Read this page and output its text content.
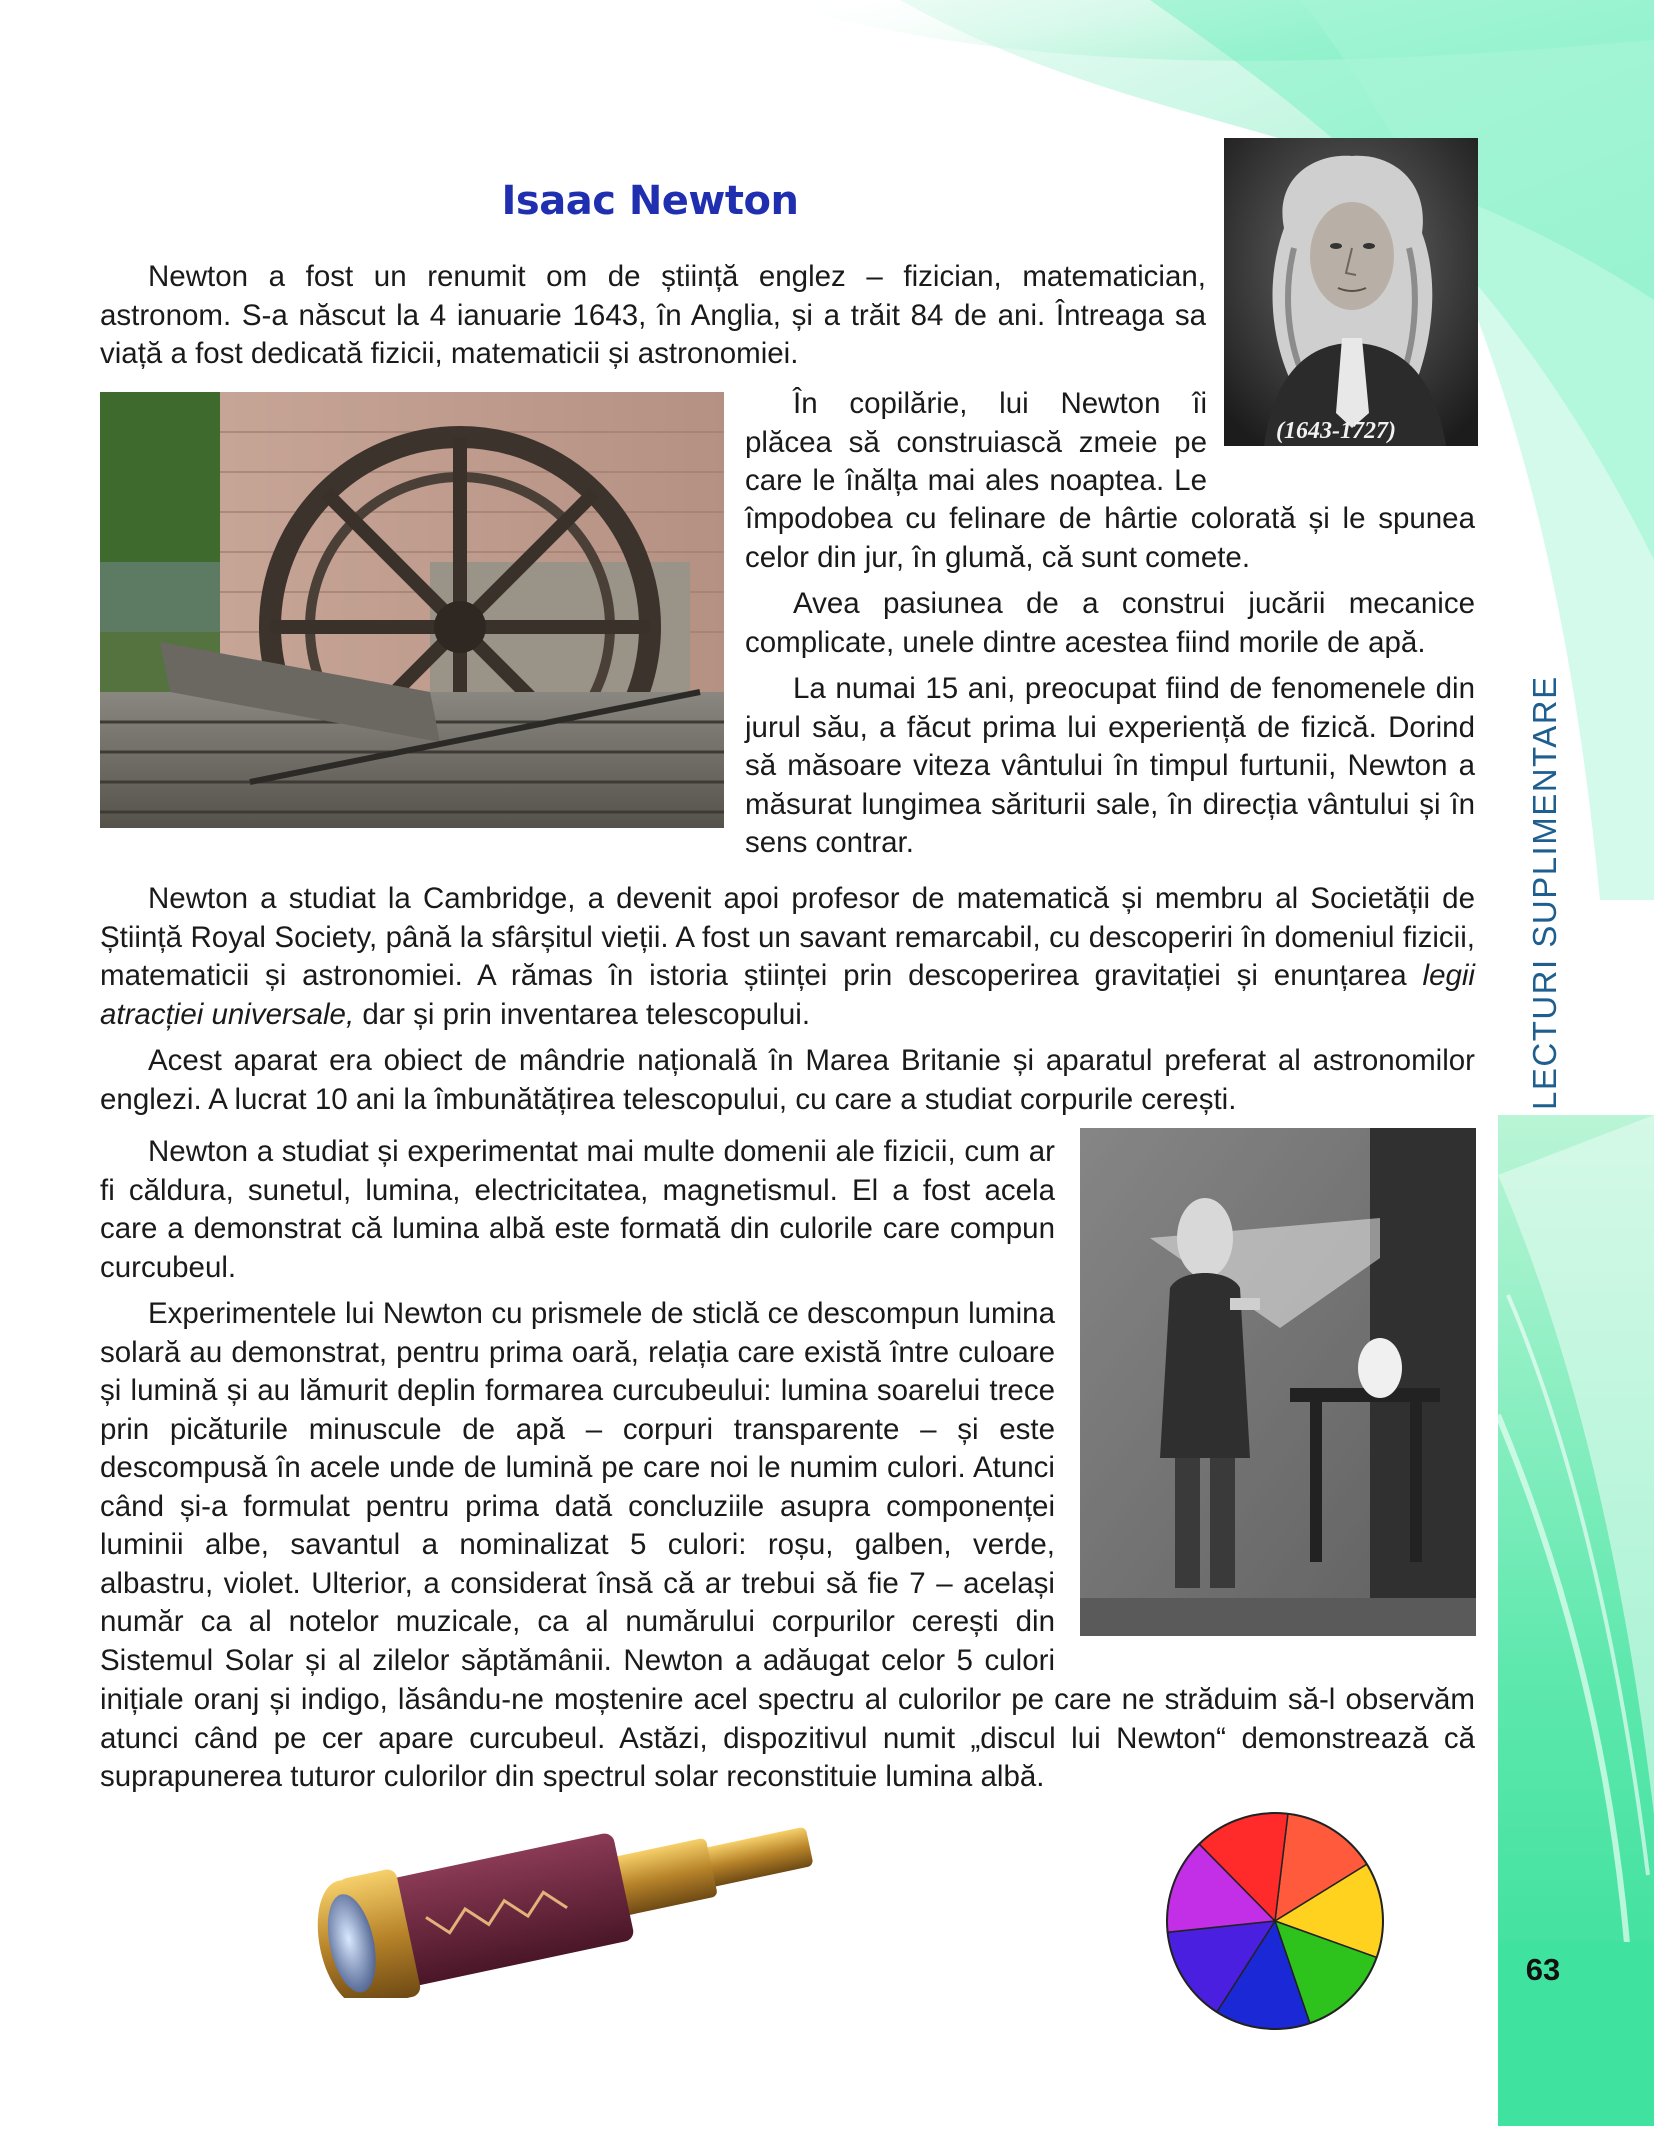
63
LECTURI SUPLIMENTARE
Isaac Newton
(1643-1727)

Newton a fost un renumit om de știință englez – fizician, matematician, astronom. S-a născut la 4 ianuarie 1643, în Anglia, și a trăit 84 de ani. Întreaga sa viață a fost dedicată fizicii, matematicii și astronomiei.

În copilărie, lui Newton îi plăcea să construiască zmeie pe care le înălța mai ales noaptea. Le

împodobea cu felinare de hârtie colorată și le spunea celor din jur, în glumă, că sunt comete.

Avea pasiunea de a construi jucării mecanice complicate, unele dintre acestea fiind morile de apă.

La numai 15 ani, preocupat fiind de fenomenele din jurul său, a făcut prima lui experiență de fizică. Dorind să măsoare viteza vântului în timpul furtunii, Newton a măsurat lungimea săriturii sale, în direcția vântului și în sens contrar.

Newton a studiat la Cambridge, a devenit apoi profesor de matematică și membru al Societății de Știință Royal Society, până la sfârșitul vieții. A fost un savant remarcabil, cu descoperiri în domeniul fizicii, matematicii și astronomiei. A rămas în istoria științei prin descoperirea gravitației și enunțarea legii atracției universale, dar și prin inventarea telescopului.

Acest aparat era obiect de mândrie națională în Marea Britanie și aparatul preferat al astronomilor englezi. A lucrat 10 ani la îmbunătățirea telescopului, cu care a studiat corpurile cerești.

Newton a studiat și experimentat mai multe domenii ale fizicii, cum ar fi căldura, sunetul, lumina, electricitatea, magnetismul. El a fost acela care a demonstrat că lumina albă este formată din culorile care compun curcubeul.

Experimentele lui Newton cu prismele de sticlă ce descompun lumina solară au demonstrat, pentru prima oară, relația care există între culoare și lumină și au lămurit deplin formarea curcubeului: lumina soarelui trece prin picăturile minuscule de apă – corpuri transparente – și este descompusă în acele unde de lumină pe care noi le numim culori. Atunci când și-a formulat pentru prima dată concluziile asupra componenței luminii albe, savantul a nominalizat 5 culori: roșu, galben, verde, albastru, violet. Ulterior, a considerat însă că ar trebui să fie 7 – același număr ca al notelor muzicale, ca al numărului corpurilor cerești din Sistemul Solar și al zilelor săptămânii. Newton a adăugat celor 5 culori

inițiale oranj și indigo, lăsându-ne moștenire acel spectru al culorilor pe care ne străduim să-l observăm atunci când pe cer apare curcubeul. Astăzi, dispozitivul numit „discul lui Newton“ demonstrează că suprapunerea tuturor culorilor din spectrul solar reconstituie lumina albă.
